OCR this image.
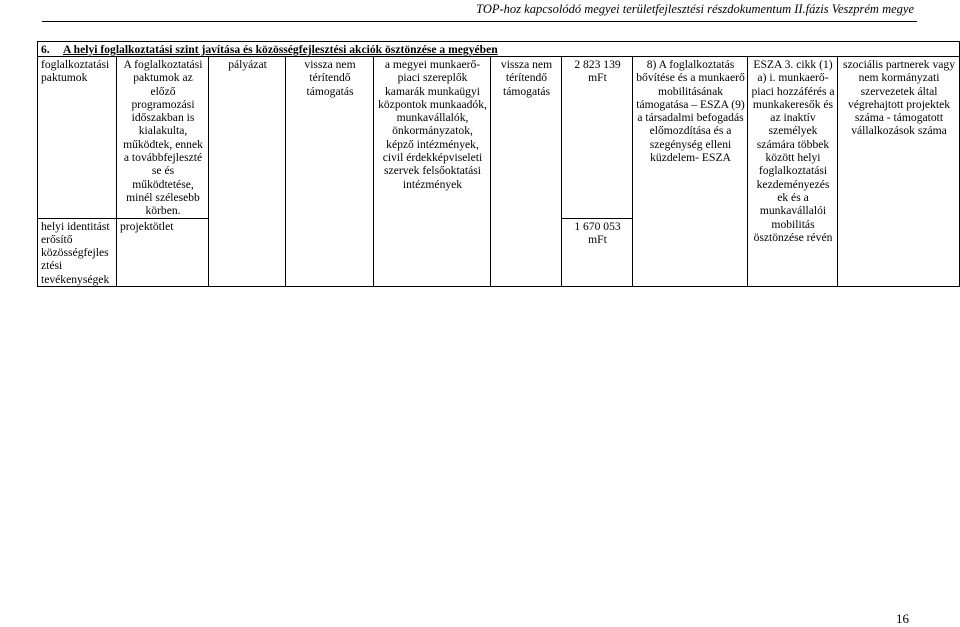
TOP-hoz kapcsolódó megyei területfejlesztési részdokumentum II.fázis Veszprém megye
6. A helyi foglalkoztatási szint javítása és közösségfejlesztési akciók ösztönzése a megyében									
foglalkoztatási paktumok	A foglalkoztatási paktumok az előző programozási időszakban is kialakulta, működtek, ennek a továbbfejleszté se és működtetése, minél szélesebb körben.	pályázat	vissza nem térítendő támogatás	a megyei munkaerő-piaci szereplők kamarák munkaügyi központok munkaadók, munkavállalók, önkormányzatok, képző intézmények, civil érdekképviseleti szervek felsőoktatási intézmények	vissza nem térítendő támogatás	2 823 139 mFt	8) A foglalkoztatás bővítése és a munkaerő mobilitásának támogatása – ESZA (9) a társadalmi befogadás előmozdítása és a szegénység elleni küzdelem- ESZA	ESZA 3. cikk (1) a) i. munkaerő-piaci hozzáférés a munkakeresők és az inaktív személyek számára többek között helyi foglalkoztatási kezdeményezés ek és a munkavállalói mobilitás ösztönzése révén	szociális partnerek vagy nem kormányzati szervezetek által végrehajtott projektek száma - támogatott vállalkozások száma
helyi identitást erősítő közösségfejles ztési tevékenységek	projektötlet					1 670 053 mFt			
16
